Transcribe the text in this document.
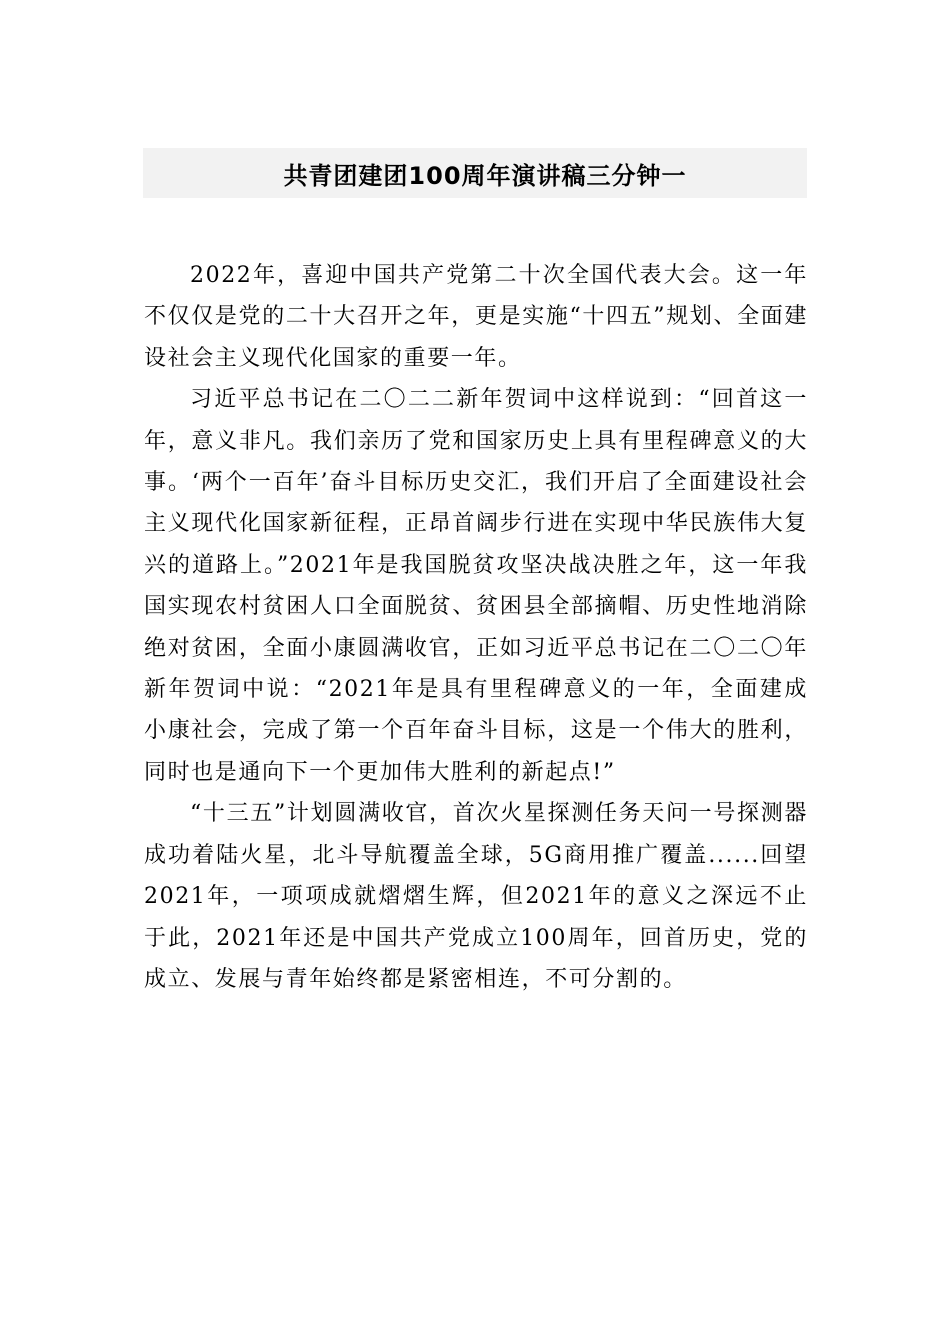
共青团建团100周年演讲稿三分钟一

2022年，喜迎中国共产党第二十次全国代表大会。这一年不仅仅是党的二十大召开之年，更是实施“十四五”规划、全面建设社会主义现代化国家的重要一年。

习近平总书记在二〇二二新年贺词中这样说到：“回首这一年，意义非凡。我们亲历了党和国家历史上具有里程碑意义的大事。‘两个一百年’奋斗目标历史交汇，我们开启了全面建设社会主义现代化国家新征程，正昂首阔步行进在实现中华民族伟大复兴的道路上。”2021年是我国脱贫攻坚决战决胜之年，这一年我国实现农村贫困人口全面脱贫、贫困县全部摘帽、历史性地消除绝对贫困，全面小康圆满收官，正如习近平总书记在二〇二〇年新年贺词中说：“2021年是具有里程碑意义的一年，全面建成小康社会，完成了第一个百年奋斗目标，这是一个伟大的胜利，同时也是通向下一个更加伟大胜利的新起点!”

“十三五”计划圆满收官，首次火星探测任务天问一号探测器成功着陆火星，北斗导航覆盖全球，5G商用推广覆盖......回望2021年，一项项成就熠熠生辉，但2021年的意义之深远不止于此，2021年还是中国共产党成立100周年，回首历史，党的成立、发展与青年始终都是紧密相连，不可分割的。
